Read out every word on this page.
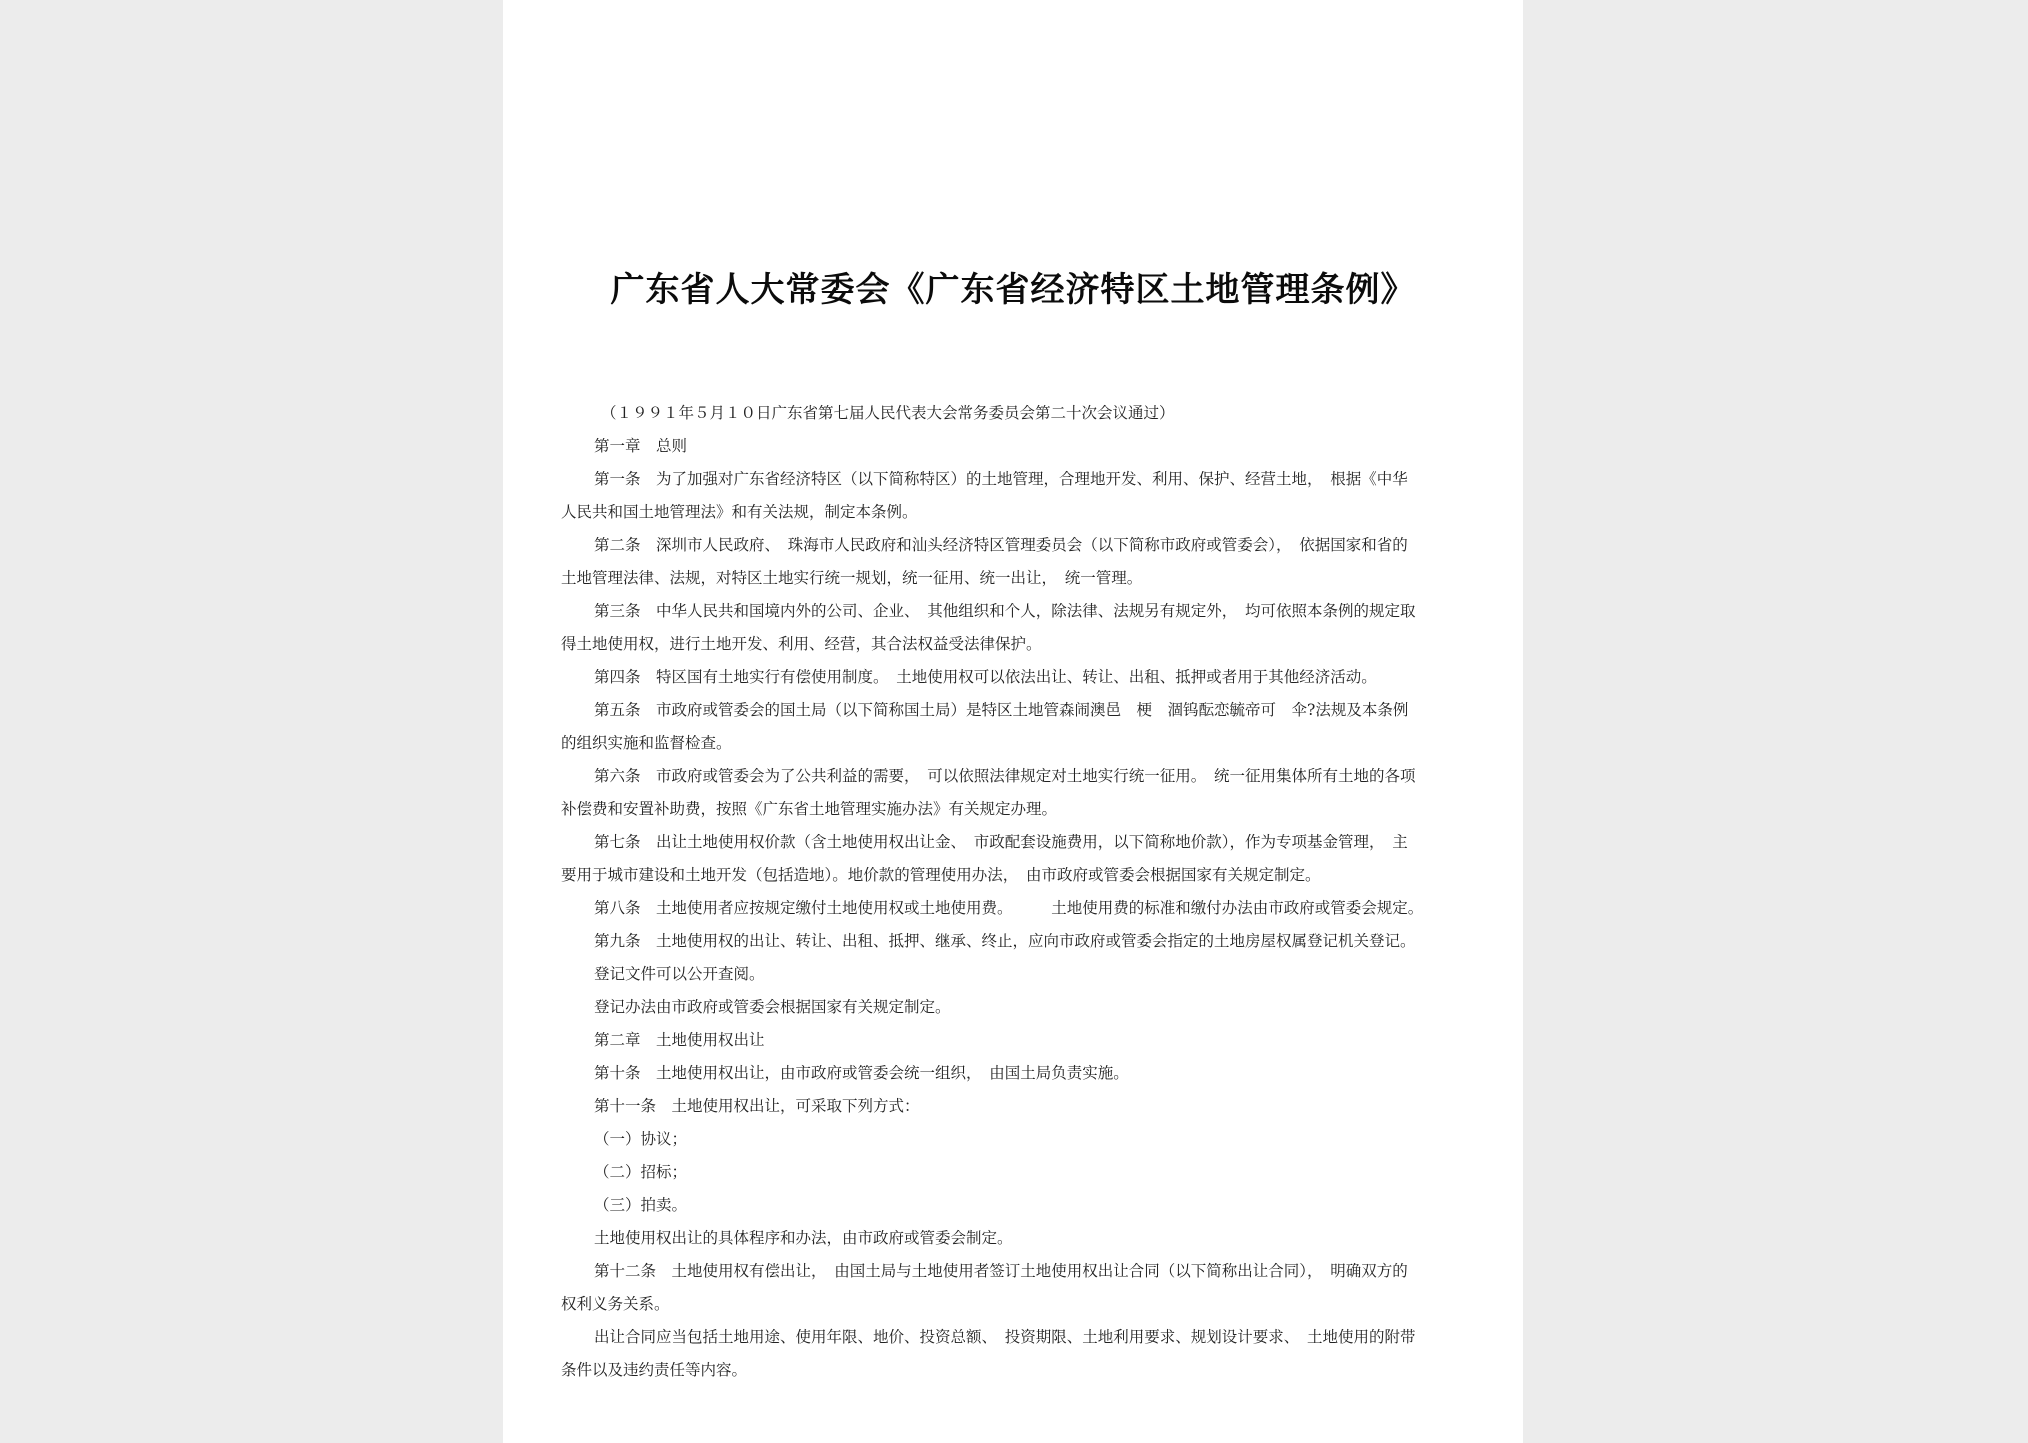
广东省人大常委会《广东省经济特区土地管理条例》
（１９９１年５月１０日广东省第七届人民代表大会常务委员会第二十次会议通过）
第一章　总则
第一条　为了加强对广东省经济特区（以下简称特区）的土地管理，合理地开发、利用、保护、经营土地，　根据《中华
人民共和国土地管理法》和有关法规，制定本条例。
第二条　深圳市人民政府、　珠海市人民政府和汕头经济特区管理委员会（以下简称市政府或管委会），　依据国家和省的
土地管理法律、法规，对特区土地实行统一规划，统一征用、统一出让，　统一管理。
第三条　中华人民共和国境内外的公司、企业、　其他组织和个人，除法律、法规另有规定外，　均可依照本条例的规定取
得土地使用权，进行土地开发、利用、经营，其合法权益受法律保护。
第四条　特区国有土地实行有偿使用制度。　土地使用权可以依法出让、转让、出租、抵押或者用于其他经济活动。
第五条　市政府或管委会的国土局（以下简称国土局）是特区土地管森闹澳邑　梗　涸钨酝恋毓帝可　伞?法规及本条例
的组织实施和监督检查。
第六条　市政府或管委会为了公共利益的需要，　可以依照法律规定对土地实行统一征用。　统一征用集体所有土地的各项
补偿费和安置补助费，按照《广东省土地管理实施办法》有关规定办理。
第七条　出让土地使用权价款（含土地使用权出让金、　市政配套设施费用，以下简称地价款），作为专项基金管理，　主
要用于城市建设和土地开发（包括造地）。地价款的管理使用办法，　由市政府或管委会根据国家有关规定制定。
第八条　土地使用者应按规定缴付土地使用权或土地使用费。　　　土地使用费的标准和缴付办法由市政府或管委会规定。
第九条　土地使用权的出让、转让、出租、抵押、继承、终止，应向市政府或管委会指定的土地房屋权属登记机关登记。
登记文件可以公开查阅。
登记办法由市政府或管委会根据国家有关规定制定。
第二章　土地使用权出让
第十条　土地使用权出让，由市政府或管委会统一组织，　由国土局负责实施。
第十一条　土地使用权出让，可采取下列方式：
（一）协议；
（二）招标；
（三）拍卖。
土地使用权出让的具体程序和办法，由市政府或管委会制定。
第十二条　土地使用权有偿出让，　由国土局与土地使用者签订土地使用权出让合同（以下简称出让合同），　明确双方的
权利义务关系。
出让合同应当包括土地用途、使用年限、地价、投资总额、　投资期限、土地利用要求、规划设计要求、　土地使用的附带
条件以及违约责任等内容。
